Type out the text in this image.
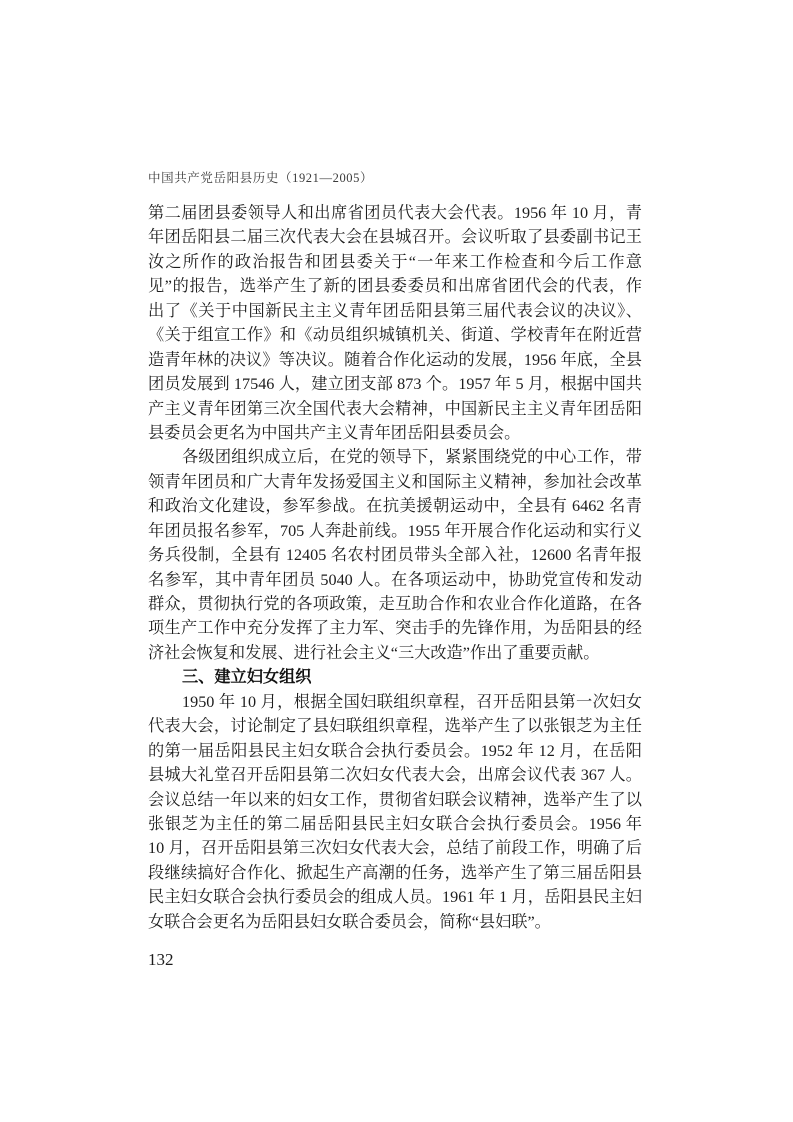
中国共产党岳阳县历史（1921—2005）
第二届团县委领导人和出席省团员代表大会代表。1956 年 10 月，青
年团岳阳县二届三次代表大会在县城召开。会议听取了县委副书记王
汝之所作的政治报告和团县委关于“一年来工作检查和今后工作意
见”的报告，选举产生了新的团县委委员和出席省团代会的代表，作
出了《关于中国新民主主义青年团岳阳县第三届代表会议的决议》、
《关于组宣工作》和《动员组织城镇机关、街道、学校青年在附近营
造青年林的决议》等决议。随着合作化运动的发展，1956 年底，全县
团员发展到 17546 人，建立团支部 873 个。1957 年 5 月，根据中国共
产主义青年团第三次全国代表大会精神，中国新民主主义青年团岳阳
县委员会更名为中国共产主义青年团岳阳县委员会。
各级团组织成立后，在党的领导下，紧紧围绕党的中心工作，带
领青年团员和广大青年发扬爱国主义和国际主义精神，参加社会改革
和政治文化建设，参军参战。在抗美援朝运动中，全县有 6462 名青
年团员报名参军，705 人奔赴前线。1955 年开展合作化运动和实行义
务兵役制，全县有 12405 名农村团员带头全部入社，12600 名青年报
名参军，其中青年团员 5040 人。在各项运动中，协助党宣传和发动
群众，贯彻执行党的各项政策，走互助合作和农业合作化道路，在各
项生产工作中充分发挥了主力军、突击手的先锋作用，为岳阳县的经
济社会恢复和发展、进行社会主义“三大改造”作出了重要贡献。
三、建立妇女组织
1950 年 10 月，根据全国妇联组织章程，召开岳阳县第一次妇女
代表大会，讨论制定了县妇联组织章程，选举产生了以张银芝为主任
的第一届岳阳县民主妇女联合会执行委员会。1952 年 12 月，在岳阳
县城大礼堂召开岳阳县第二次妇女代表大会，出席会议代表 367 人。
会议总结一年以来的妇女工作，贯彻省妇联会议精神，选举产生了以
张银芝为主任的第二届岳阳县民主妇女联合会执行委员会。1956 年
10 月，召开岳阳县第三次妇女代表大会，总结了前段工作，明确了后
段继续搞好合作化、掀起生产高潮的任务，选举产生了第三届岳阳县
民主妇女联合会执行委员会的组成人员。1961 年 1 月，岳阳县民主妇
女联合会更名为岳阳县妇女联合委员会，简称“县妇联”。
132
